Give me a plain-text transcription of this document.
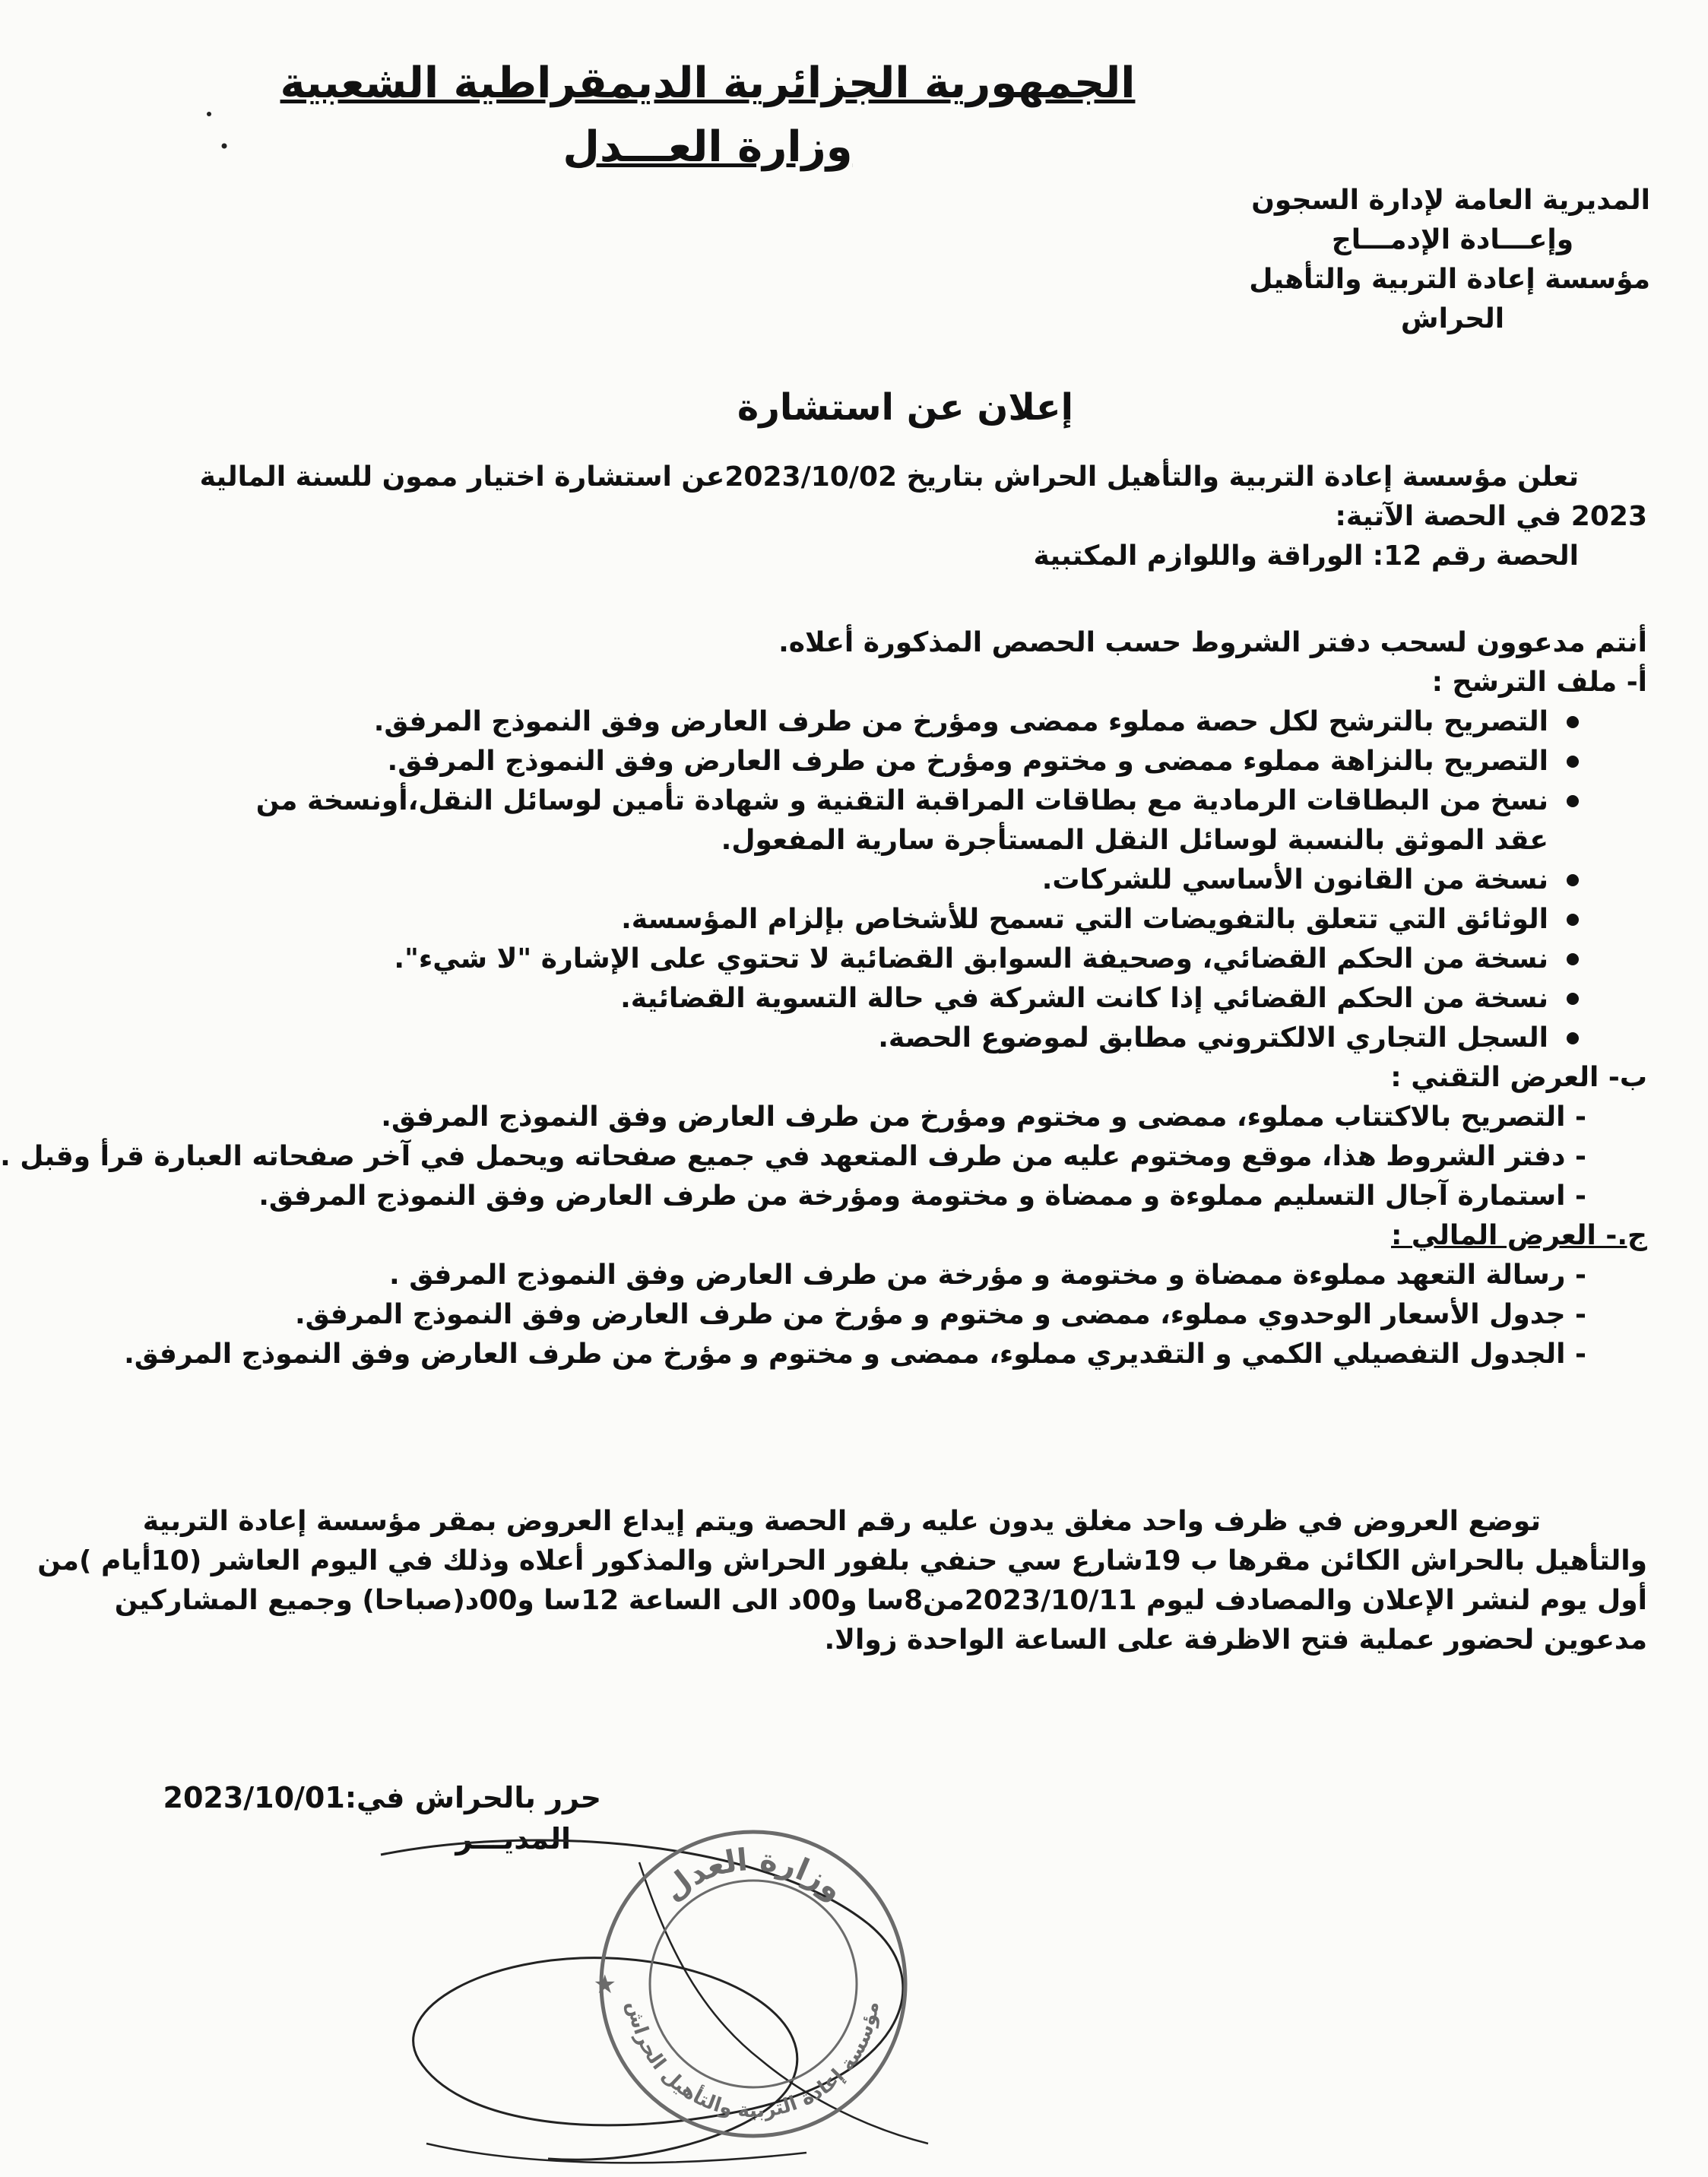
الجمهورية الجزائرية الديمقراطية الشعبية
وزارة العـــدل
المديرية العامة لإدارة السجون
وإعـــادة الإدمـــاج
مؤسسة إعادة التربية والتأهيل
الحراش
إعلان عن استشارة
تعلن مؤسسة إعادة التربية والتأهيل الحراش بتاريخ 2023/10/02عن استشارة اختيار ممون للسنة المالية
2023 في الحصة الآتية:
الحصة رقم 12: الوراقة واللوازم المكتبية
أنتم مدعوون لسحب دفتر الشروط حسب الحصص المذكورة أعلاه.
أ- ملف الترشح :
التصريح بالترشح لكل حصة مملوء ممضى ومؤرخ من طرف العارض وفق النموذج المرفق.
التصريح بالنزاهة مملوء ممضى و مختوم ومؤرخ من طرف العارض وفق النموذج المرفق.
نسخ من البطاقات الرمادية مع بطاقات المراقبة التقنية و شهادة تأمين لوسائل النقل،أونسخة من عقد الموثق بالنسبة لوسائل النقل المستأجرة سارية المفعول.
نسخة من القانون الأساسي للشركات.
الوثائق التي تتعلق بالتفويضات التي تسمح للأشخاص بإلزام المؤسسة.
نسخة من الحكم القضائي، وصحيفة السوابق القضائية لا تحتوي على الإشارة "لا شيء".
نسخة من الحكم القضائي إذا كانت الشركة في حالة التسوية القضائية.
السجل التجاري الالكتروني مطابق لموضوع الحصة.
ب- العرض التقني :
- التصريح بالاكتتاب مملوء، ممضى و مختوم ومؤرخ من طرف العارض وفق النموذج المرفق.
- دفتر الشروط هذا، موقع ومختوم عليه من طرف المتعهد في جميع صفحاته ويحمل في آخر صفحاته العبارة قرأ وقبل .
- استمارة آجال التسليم مملوءة و ممضاة و مختومة ومؤرخة من طرف العارض وفق النموذج المرفق.
ج.- العرض المالي :
- رسالة التعهد مملوءة ممضاة و مختومة و مؤرخة من طرف العارض وفق النموذج المرفق .
- جدول الأسعار الوحدوي مملوء، ممضى و مختوم و مؤرخ من طرف العارض وفق النموذج المرفق.
- الجدول التفصيلي الكمي و التقديري مملوء، ممضى و مختوم و مؤرخ من طرف العارض وفق النموذج المرفق.
توضع العروض في ظرف واحد مغلق يدون عليه رقم الحصة ويتم إيداع العروض بمقر مؤسسة إعادة التربية
والتأهيل بالحراش الكائن مقرها ب 19شارع سي حنفي بلفور الحراش والمذكور أعلاه وذلك في اليوم العاشر (10أيام )من
أول يوم لنشر الإعلان والمصادف ليوم 2023/10/11من8سا و00د الى الساعة 12سا و00د(صباحا) وجميع المشاركين
مدعوين لحضور عملية فتح الاظرفة على الساعة الواحدة زوالا.
حرر بالحراش في:2023/10/01
المديـــر
وزارة العدل
مؤسسة إعادة التربية والتأهيل الحراش
★
